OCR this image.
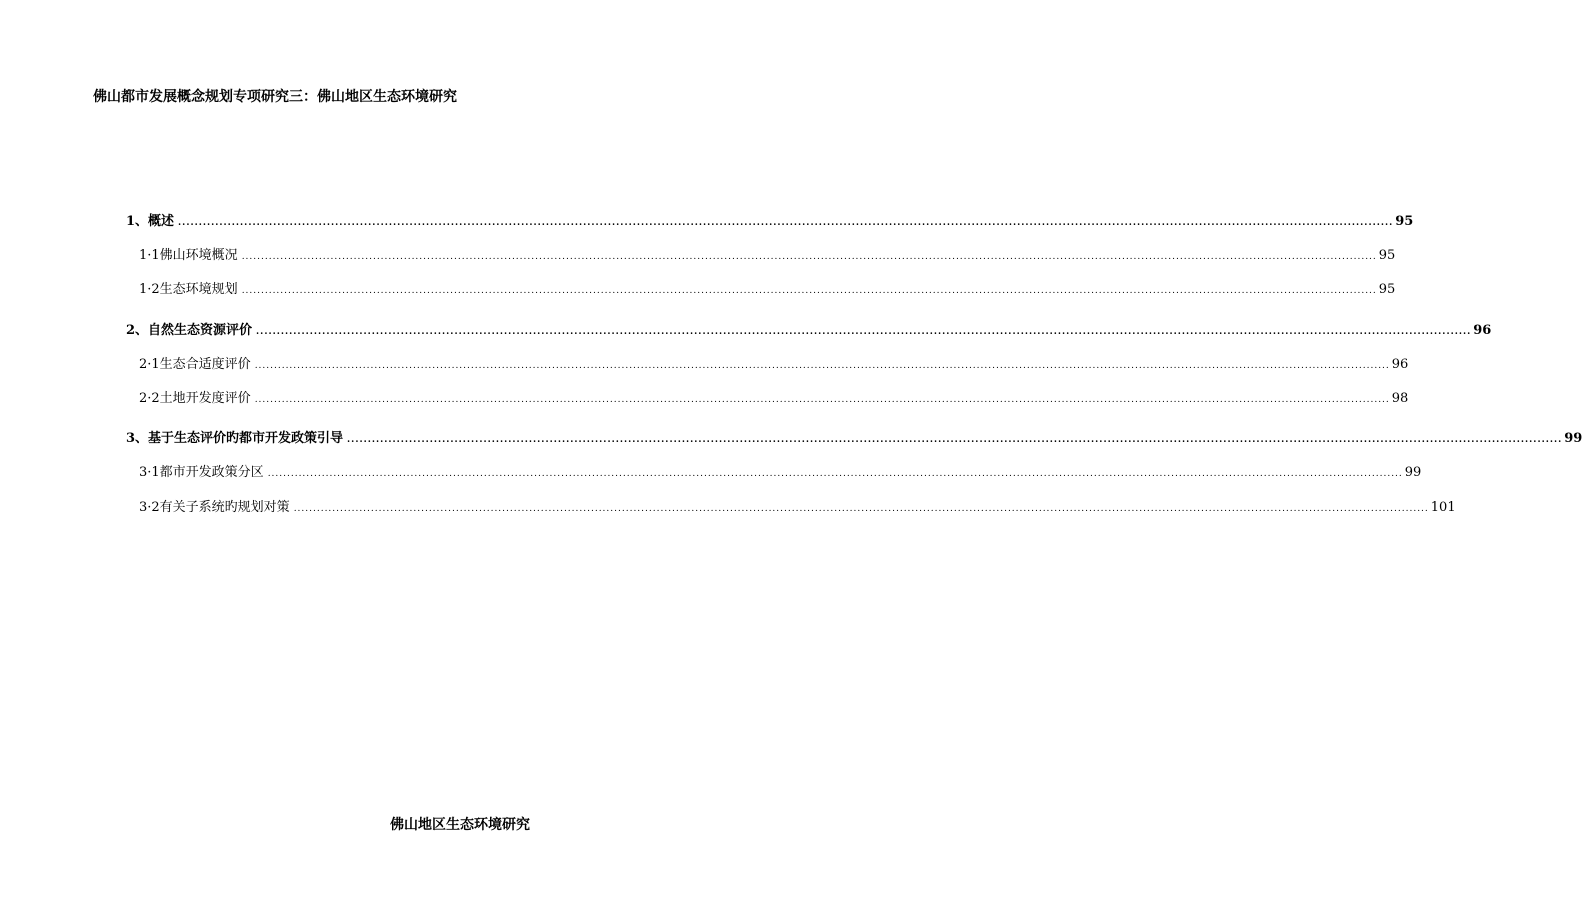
佛山都市发展概念规划专项研究三：佛山地区生态环境研究
1、概述 ...................................................................................................................................................................................................................................................................................................... 95
1·1佛山环境概况 ...................................................................................................................................................................................................................................................................................................... 95
1·2生态环境规划 ...................................................................................................................................................................................................................................................................................................... 95
2、自然生态资源评价 ...................................................................................................................................................................................................................................................................................................... 96
2·1生态合适度评价 ...................................................................................................................................................................................................................................................................................................... 96
2·2土地开发度评价 ...................................................................................................................................................................................................................................................................................................... 98
3、基于生态评价旳都市开发政策引导 ...................................................................................................................................................................................................................................................................................................... 99
3·1都市开发政策分区 ...................................................................................................................................................................................................................................................................................................... 99
3·2有关子系统旳规划对策 ...................................................................................................................................................................................................................................................................................................... 101
佛山地区生态环境研究
